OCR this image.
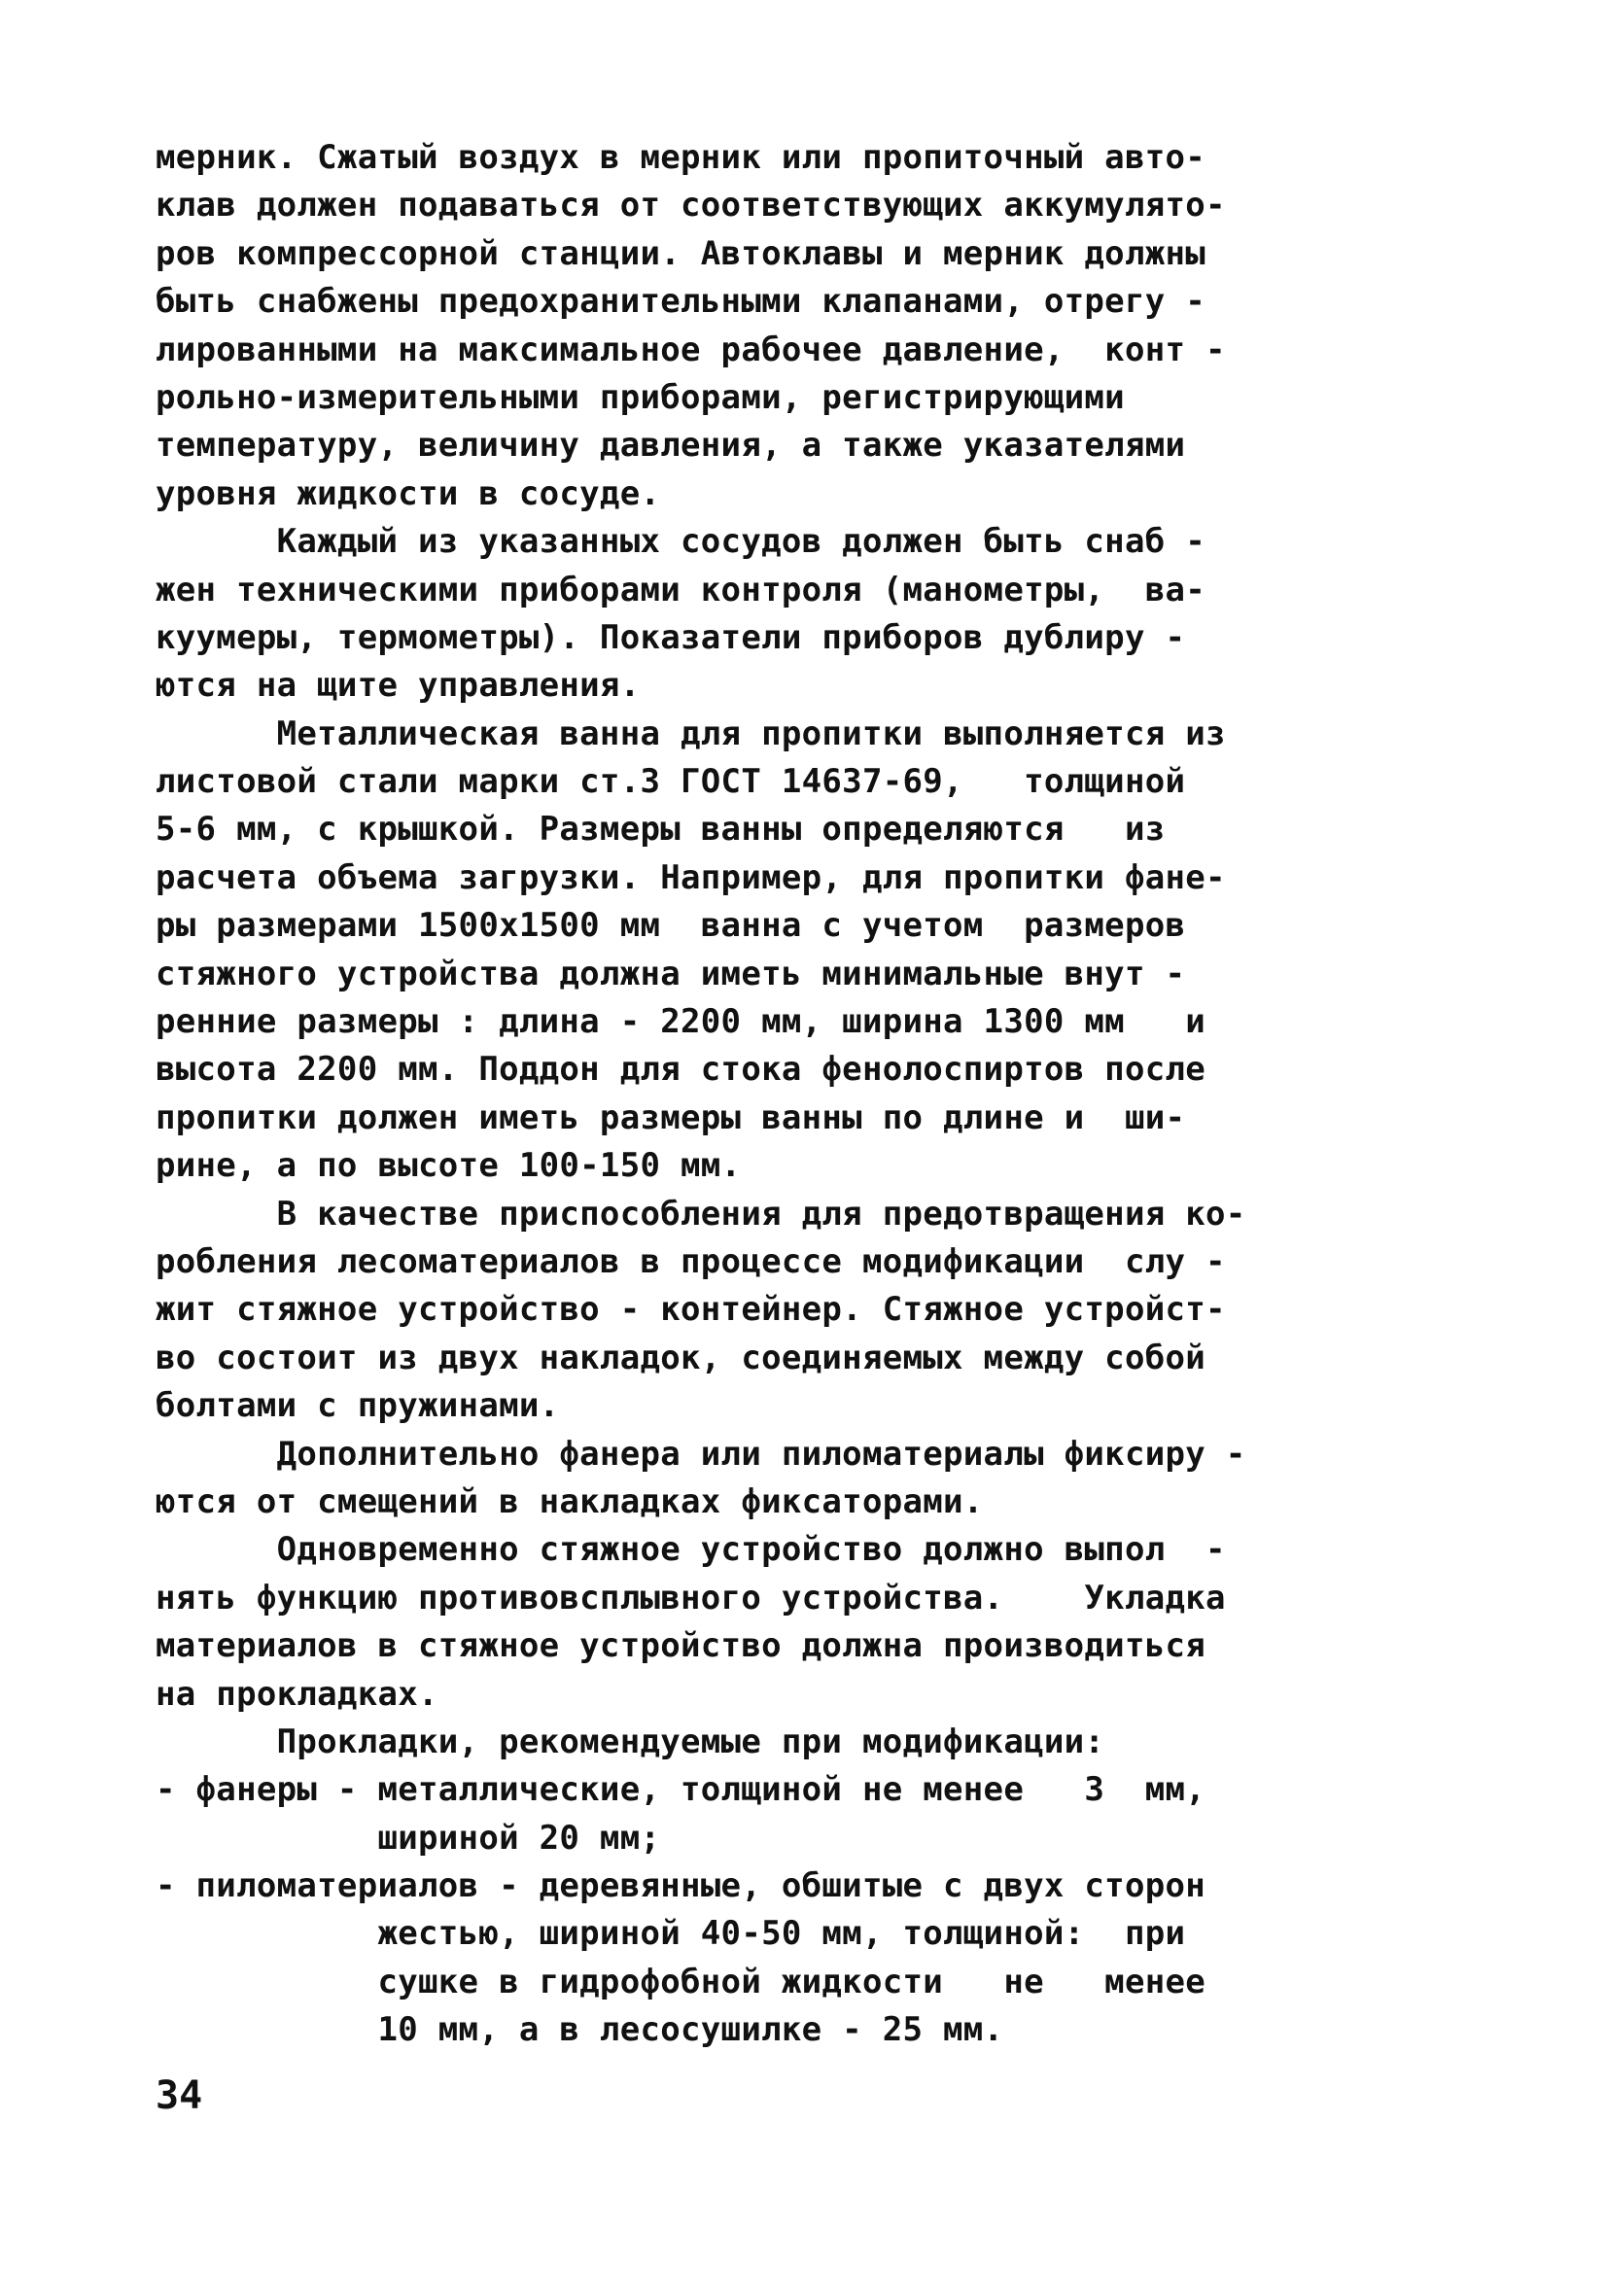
мерник. Сжатый воздух в мерник или пропиточный авто-
клав должен подаваться от соответствующих аккумулято-
ров компрессорной станции. Автоклавы и мерник должны
быть снабжены предохранительными клапанами, отрегу -
лированными на максимальное рабочее давление,  конт -
рольно-измерительными приборами, регистрирующими
температуру, величину давления, а также указателями
уровня жидкости в сосуде.
Каждый из указанных сосудов должен быть снаб -
жен техническими приборами контроля (манометры,  ва-
куумеры, термометры). Показатели приборов дублиру -
ются на щите управления.
Металлическая ванна для пропитки выполняется из
листовой стали марки ст.3 ГОСТ 14637-69,   толщиной
5-6 мм, с крышкой. Размеры ванны определяются   из
расчета объема загрузки. Например, для пропитки фане-
ры размерами 1500х1500 мм  ванна с учетом  размеров
стяжного устройства должна иметь минимальные внут -
ренние размеры : длина - 2200 мм, ширина 1300 мм   и
высота 2200 мм. Поддон для стока фенолоспиртов после
пропитки должен иметь размеры ванны по длине и  ши-
рине, а по высоте 100-150 мм.
В качестве приспособления для предотвращения ко-
робления лесоматериалов в процессе модификации  слу -
жит стяжное устройство - контейнер. Стяжное устройст-
во состоит из двух накладок, соединяемых между собой
болтами с пружинами.
Дополнительно фанера или пиломатериалы фиксиру -
ются от смещений в накладках фиксаторами.
Одновременно стяжное устройство должно выпол  -
нять функцию противовсплывного устройства.    Укладка
материалов в стяжное устройство должна производиться
на прокладках.
Прокладки, рекомендуемые при модификации:
- фанеры - металлические, толщиной не менее   3  мм,
шириной 20 мм;
- пиломатериалов - деревянные, обшитые с двух сторон
жестью, шириной 40-50 мм, толщиной:  при
сушке в гидрофобной жидкости   не   менее
10 мм, а в лесосушилке - 25 мм.
34
